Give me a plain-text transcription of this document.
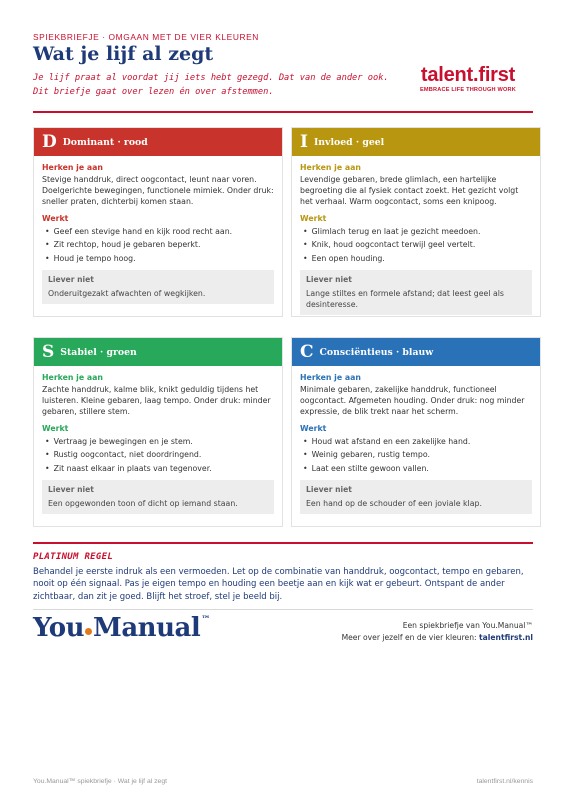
SPIEKBRIEFJE · OMGAAN MET DE VIER KLEUREN
Wat je lijf al zegt
Je lijf praat al voordat jij iets hebt gezegd. Dat van de ander ook. Dit briefje gaat over lezen én over afstemmen.
talent.first
EMBRACE LIFE THROUGH WORK
D Dominant · rood
Herken je aan
Stevige handdruk, direct oogcontact, leunt naar voren. Doelgerichte bewegingen, functionele mimiek. Onder druk: sneller praten, dichterbij komen staan.
Werkt
• Geef een stevige hand en kijk rood recht aan.
• Zit rechtop, houd je gebaren beperkt.
• Houd je tempo hoog.
Liever niet
Onderuitgezakt afwachten of wegkijken.
I Invloed · geel
Herken je aan
Levendige gebaren, brede glimlach, een hartelijke begroeting die al fysiek contact zoekt. Het gezicht volgt het verhaal. Warm oogcontact, soms een knipoog.
Werkt
• Glimlach terug en laat je gezicht meedoen.
• Knik, houd oogcontact terwijl geel vertelt.
• Een open houding.
Liever niet
Lange stiltes en formele afstand; dat leest geel als desinteresse.
S Stabiel · groen
Herken je aan
Zachte handdruk, kalme blik, knikt geduldig tijdens het luisteren. Kleine gebaren, laag tempo. Onder druk: minder gebaren, stillere stem.
Werkt
• Vertraag je bewegingen en je stem.
• Rustig oogcontact, niet doordringend.
• Zit naast elkaar in plaats van tegenover.
Liever niet
Een opgewonden toon of dicht op iemand staan.
C Consciëntieus · blauw
Herken je aan
Minimale gebaren, zakelijke handdruk, functioneel oogcontact. Afgemeten houding. Onder druk: nog minder expressie, de blik trekt naar het scherm.
Werkt
• Houd wat afstand en een zakelijke hand.
• Weinig gebaren, rustig tempo.
• Laat een stilte gewoon vallen.
Liever niet
Een hand op de schouder of een joviale klap.
PLATINUM REGEL
Behandel je eerste indruk als een vermoeden. Let op de combinatie van handdruk, oogcontact, tempo en gebaren, nooit op één signaal. Pas je eigen tempo en houding een beetje aan en kijk wat er gebeurt. Ontspant de ander zichtbaar, dan zit je goed. Blijft het stroef, stel je beeld bij.
You Manual™
Een spiekbriefje van You.Manual™
Meer over jezelf en de vier kleuren: talentfirst.nl
You.Manual™ spiekbriefje · Wat je lijf al zegt	talentfirst.nl/kennis
